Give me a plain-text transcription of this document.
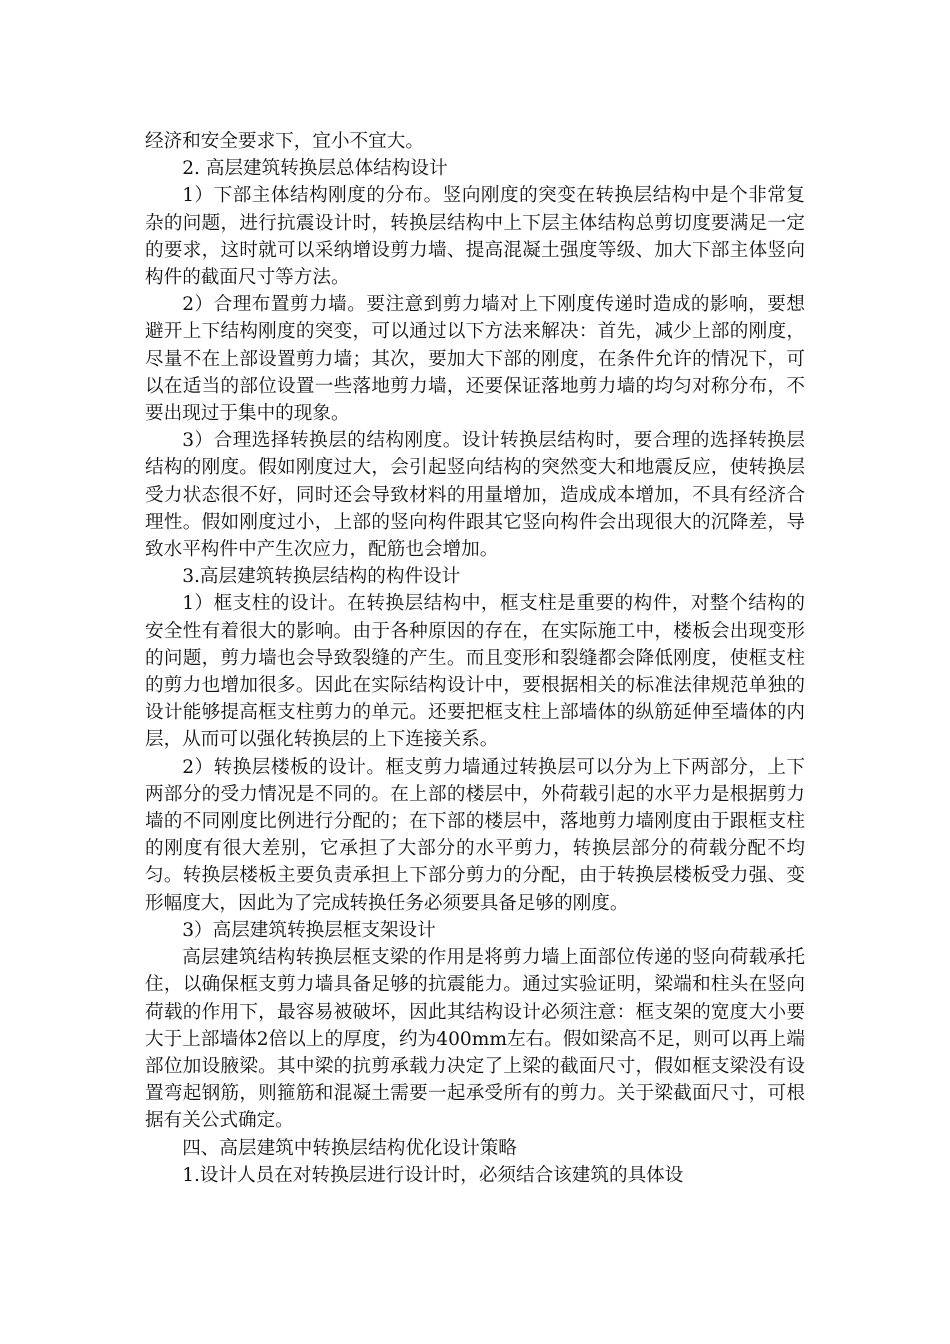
经济和安全要求下，宜小不宜大。

2. 高层建筑转换层总体结构设计

1）下部主体结构刚度的分布。竖向刚度的突变在转换层结构中是个非常复杂的问题，进行抗震设计时，转换层结构中上下层主体结构总剪切度要满足一定的要求，这时就可以采纳增设剪力墙、提高混凝土强度等级、加大下部主体竖向构件的截面尺寸等方法。

2）合理布置剪力墙。要注意到剪力墙对上下刚度传递时造成的影响，要想避开上下结构刚度的突变，可以通过以下方法来解决：首先，减少上部的刚度，尽量不在上部设置剪力墙；其次，要加大下部的刚度，在条件允许的情况下，可以在适当的部位设置一些落地剪力墙，还要保证落地剪力墙的均匀对称分布，不要出现过于集中的现象。

3）合理选择转换层的结构刚度。设计转换层结构时，要合理的选择转换层结构的刚度。假如刚度过大，会引起竖向结构的突然变大和地震反应，使转换层受力状态很不好，同时还会导致材料的用量增加，造成成本增加，不具有经济合理性。假如刚度过小，上部的竖向构件跟其它竖向构件会出现很大的沉降差，导致水平构件中产生次应力，配筋也会增加。

3.高层建筑转换层结构的构件设计

1）框支柱的设计。在转换层结构中，框支柱是重要的构件，对整个结构的安全性有着很大的影响。由于各种原因的存在，在实际施工中，楼板会出现变形的问题，剪力墙也会导致裂缝的产生。而且变形和裂缝都会降低刚度，使框支柱的剪力也增加很多。因此在实际结构设计中，要根据相关的标准法律规范单独的设计能够提高框支柱剪力的单元。还要把框支柱上部墙体的纵筋延伸至墙体的内层，从而可以强化转换层的上下连接关系。

2）转换层楼板的设计。框支剪力墙通过转换层可以分为上下两部分，上下两部分的受力情况是不同的。在上部的楼层中，外荷载引起的水平力是根据剪力墙的不同刚度比例进行分配的；在下部的楼层中，落地剪力墙刚度由于跟框支柱的刚度有很大差别，它承担了大部分的水平剪力，转换层部分的荷载分配不均匀。转换层楼板主要负责承担上下部分剪力的分配，由于转换层楼板受力强、变形幅度大，因此为了完成转换任务必须要具备足够的刚度。

3）高层建筑转换层框支架设计

高层建筑结构转换层框支梁的作用是将剪力墙上面部位传递的竖向荷载承托住，以确保框支剪力墙具备足够的抗震能力。通过实验证明，梁端和柱头在竖向荷载的作用下，最容易被破坏，因此其结构设计必须注意：框支架的宽度大小要大于上部墙体2倍以上的厚度，约为400mm左右。假如梁高不足，则可以再上端部位加设腋梁。其中梁的抗剪承载力决定了上梁的截面尺寸，假如框支梁没有设置弯起钢筋，则箍筋和混凝土需要一起承受所有的剪力。关于梁截面尺寸，可根据有关公式确定。

四、高层建筑中转换层结构优化设计策略

1.设计人员在对转换层进行设计时，必须结合该建筑的具体设
